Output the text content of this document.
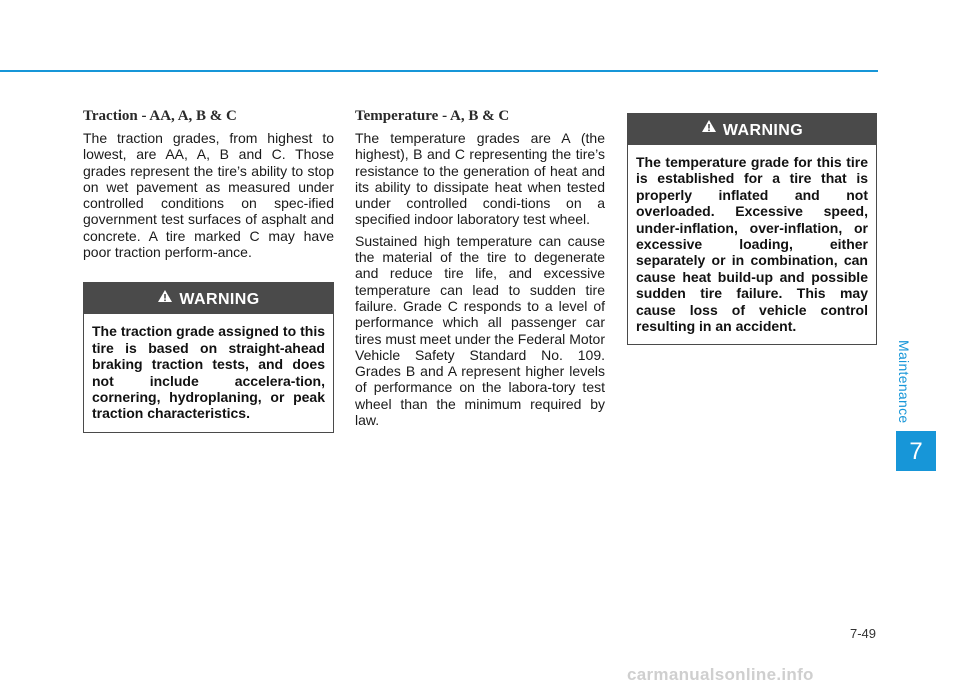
Traction - AA, A, B & C

The traction grades, from highest to lowest, are AA, A, B and C. Those grades represent the tire’s ability to stop on wet pavement as measured under controlled conditions on spec-ified government test surfaces of asphalt and concrete. A tire marked C may have poor traction perform-ance.

WARNING
The traction grade assigned to this tire is based on straight-ahead braking traction tests, and does not include accelera-tion, cornering, hydroplaning, or peak traction characteristics.
Temperature - A, B & C

The temperature grades are A (the highest), B and C representing the tire’s resistance to the generation of heat and its ability to dissipate heat when tested under controlled condi-tions on a specified indoor laboratory test wheel.

Sustained high temperature can cause the material of the tire to degenerate and reduce tire life, and excessive temperature can lead to sudden tire failure. Grade C responds to a level of performance which all passenger car tires must meet under the Federal Motor Vehicle Safety Standard No. 109. Grades B and A represent higher levels of performance on the labora-tory test wheel than the minimum required by law.

WARNING
The temperature grade for this tire is established for a tire that is properly inflated and not overloaded. Excessive speed, under-inflation, over-inflation, or excessive loading, either separately or in combination, can cause heat build-up and possible sudden tire failure. This may cause loss of vehicle control resulting in an accident.
Maintenance
7
7-49
carmanualsonline.info
